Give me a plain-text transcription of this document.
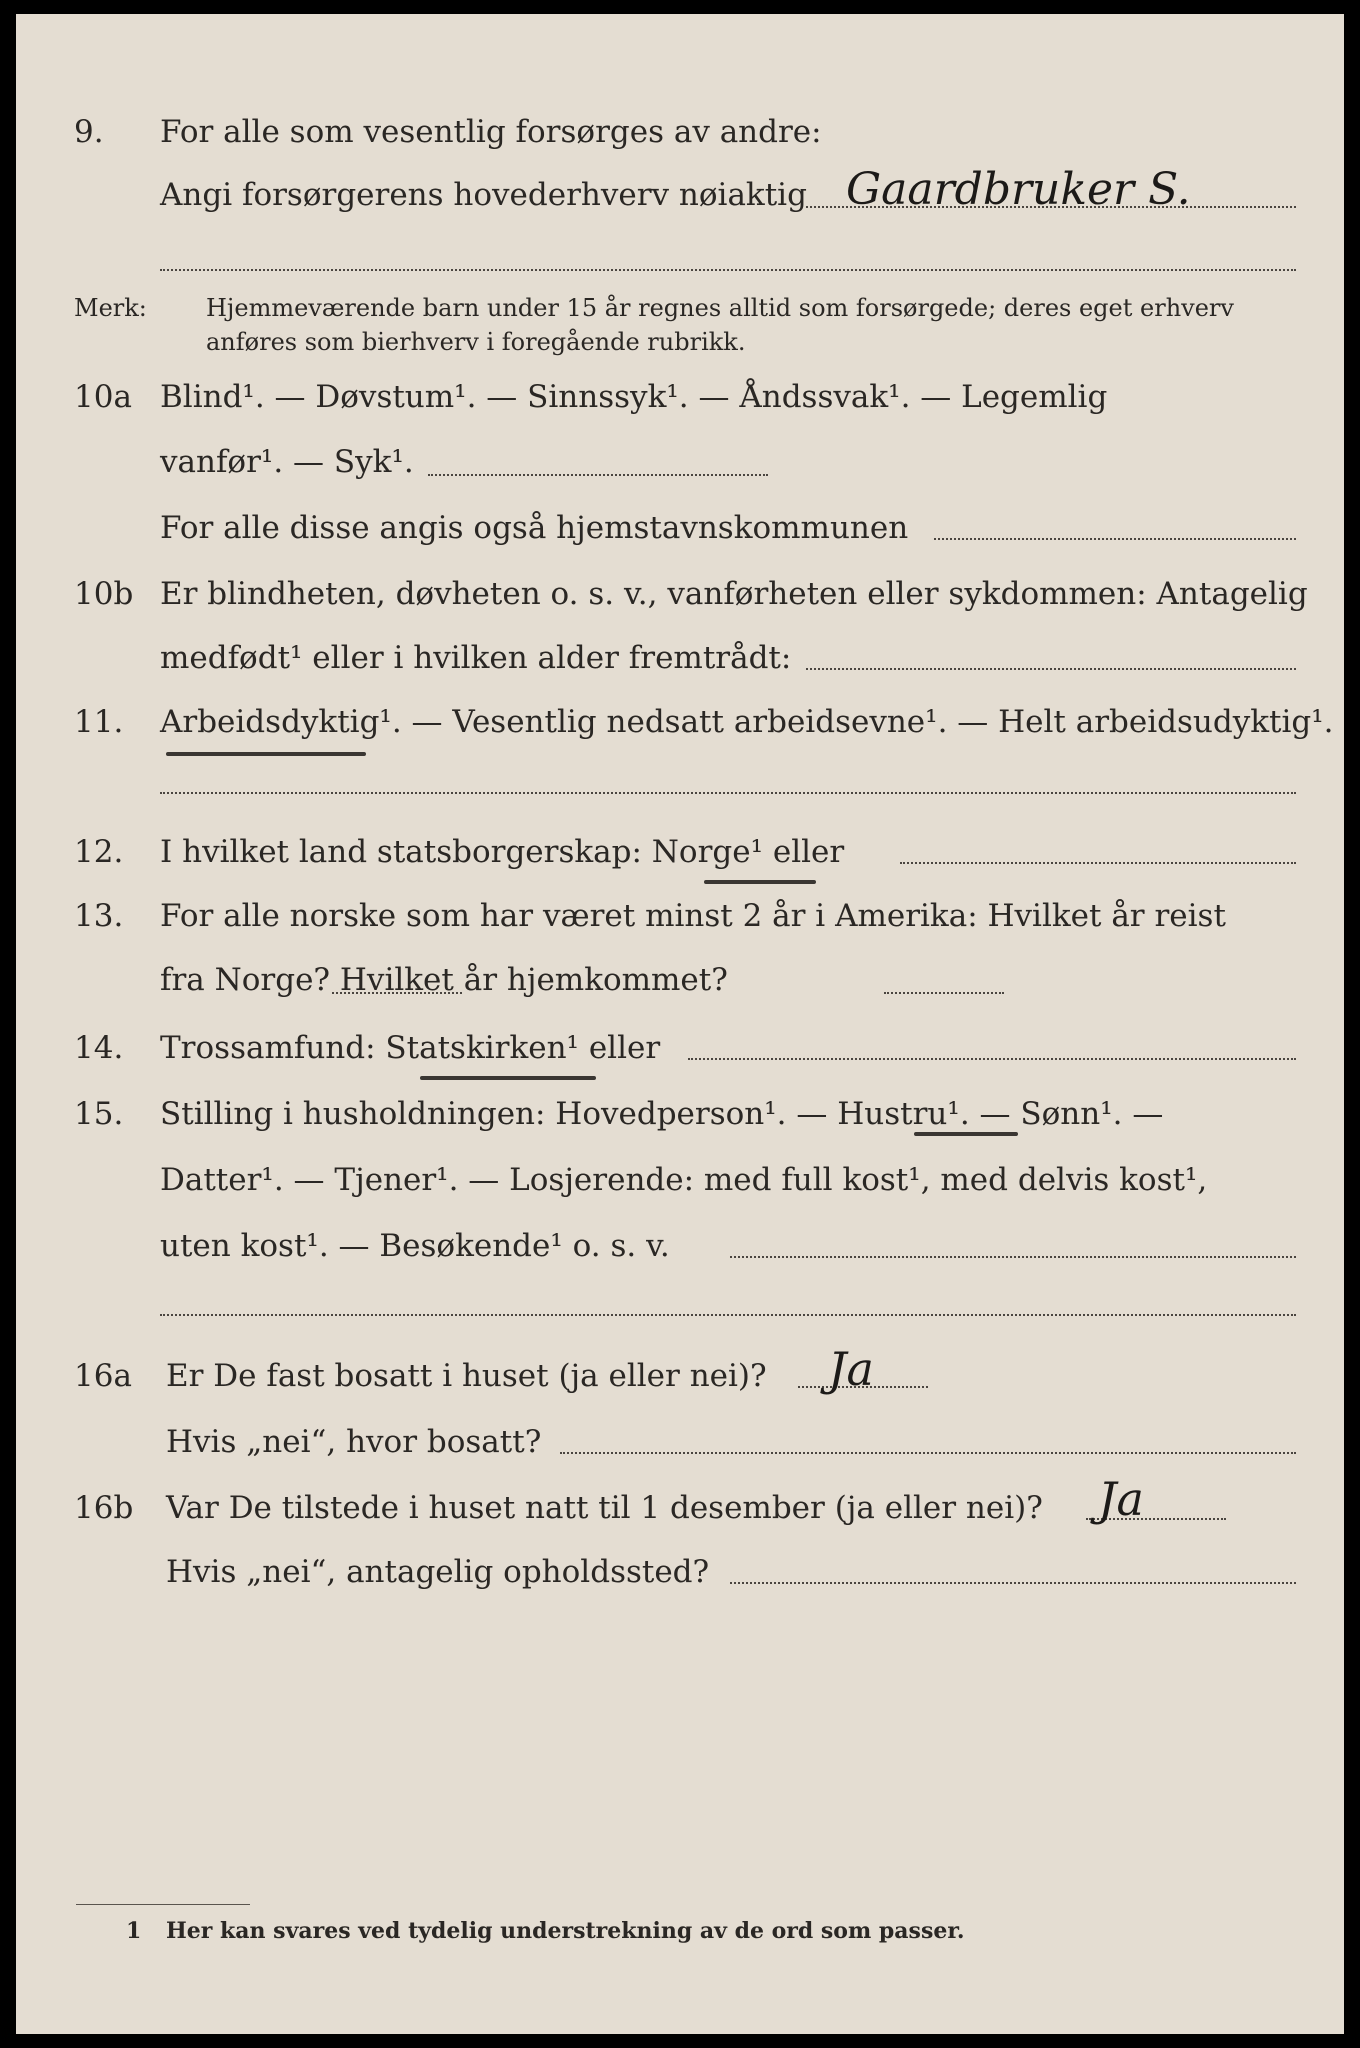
9.	For alle som vesentlig forsørges av andre:
Angi forsørgerens hovederhverv nøiaktig Gaardbruker S.
Merk: Hjemmeværende barn under 15 år regnes alltid som forsørgede; deres eget erhverv
anføres som bierhverv i foregående rubrikk.
10a Blind¹. — Døvstum¹. — Sinnssyk¹. — Åndssvak¹. — Legemlig
vanfør¹. — Syk¹.
For alle disse angis også hjemstavnskommunen
10b Er blindheten, døvheten o. s. v., vanførheten eller sykdommen: Antagelig
medfødt¹ eller i hvilken alder fremtrådt:
11.	Arbeidsdyktig¹. — Vesentlig nedsatt arbeidsevne¹. — Helt arbeidsudyktig¹.
12.	I hvilket land statsborgerskap: Norge¹ eller
13.	For alle norske som har været minst 2 år i Amerika: Hvilket år reist
fra Norge? Hvilket år hjemkommet?
14.	Trossamfund: Statskirken¹ eller
15.	Stilling i husholdningen: Hovedperson¹. — Hustru¹. — Sønn¹. —
Datter¹. — Tjener¹. — Losjerende: med full kost¹, med delvis kost¹,
uten kost¹. — Besøkende¹ o. s. v.
16a	Er De fast bosatt i huset (ja eller nei)? Ja
Hvis „nei“, hvor bosatt?
16b	Var De tilstede i huset natt til 1 desember (ja eller nei)? Ja
Hvis „nei“, antagelig opholdssted?
1 Her kan svares ved tydelig understrekning av de ord som passer.
